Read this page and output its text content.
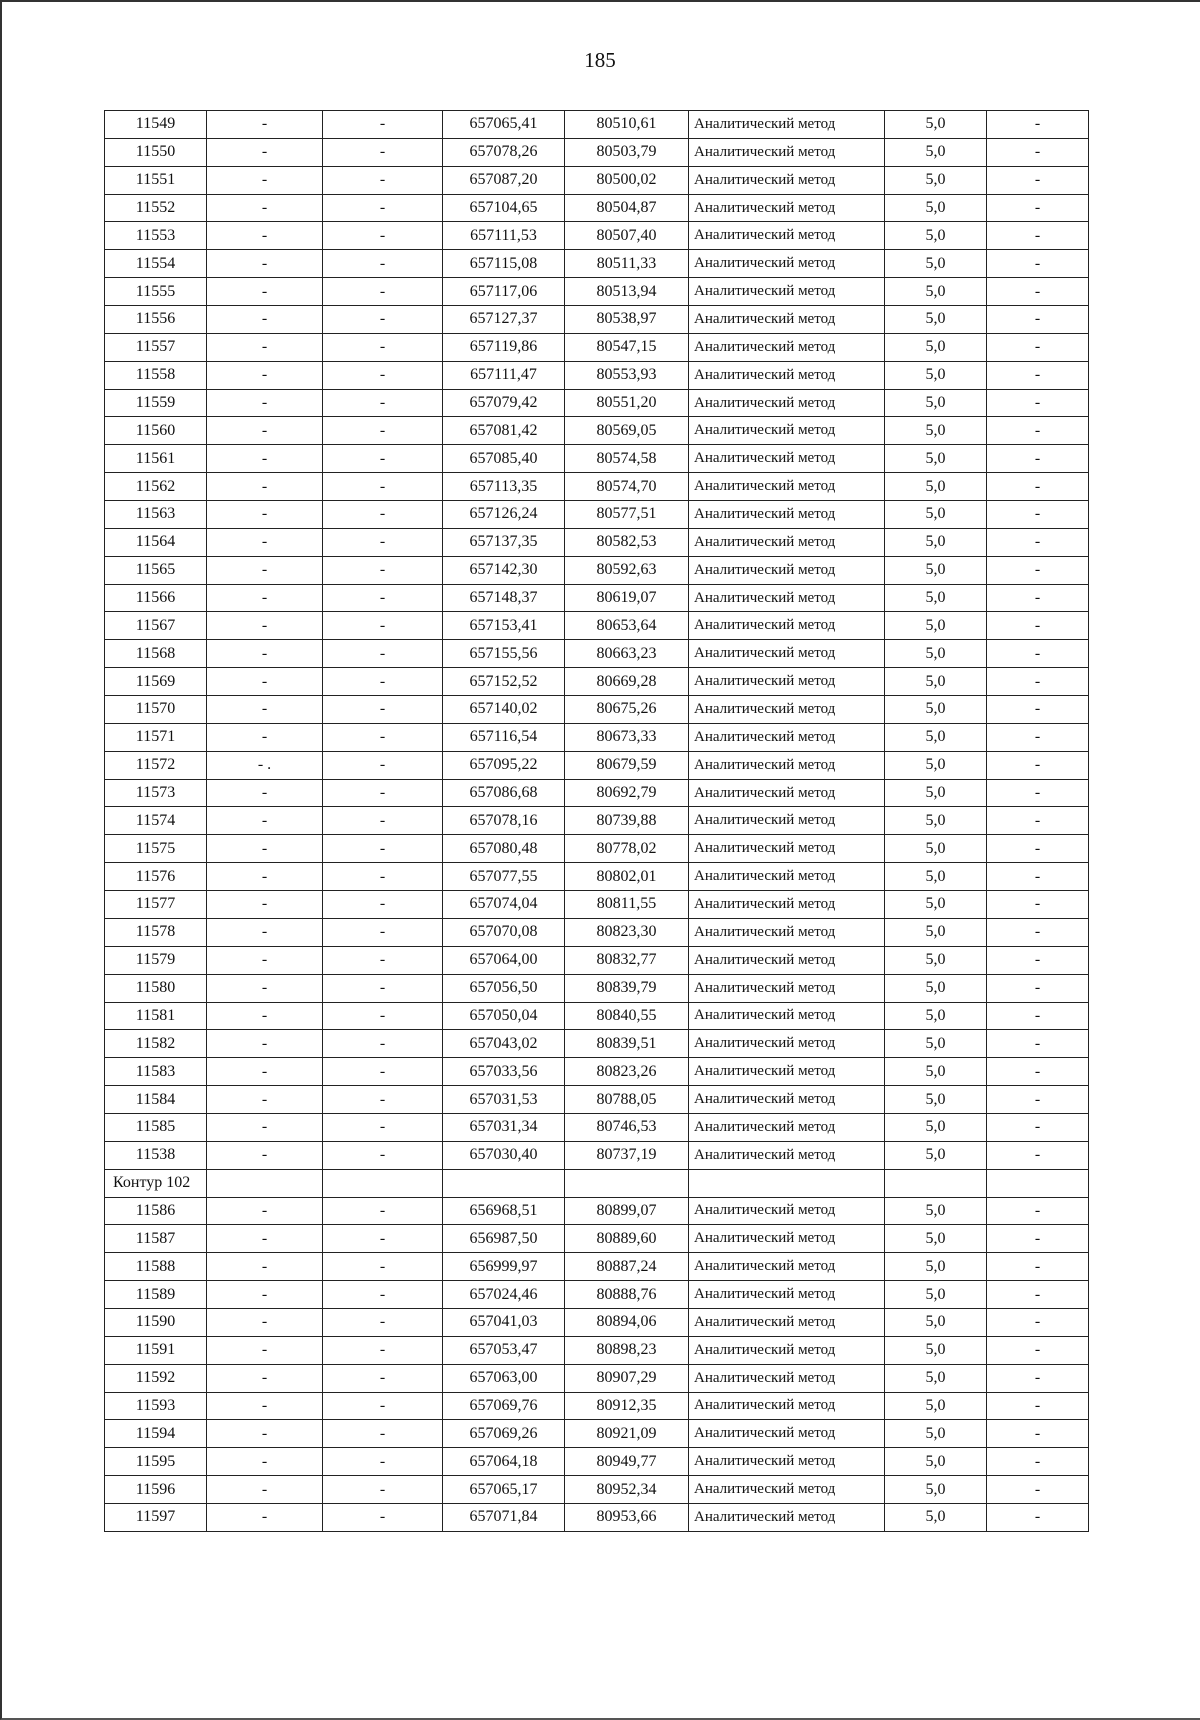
185
11549	-	-	657065,41	80510,61	Аналитический метод	5,0	-
11550	-	-	657078,26	80503,79	Аналитический метод	5,0	-
11551	-	-	657087,20	80500,02	Аналитический метод	5,0	-
11552	-	-	657104,65	80504,87	Аналитический метод	5,0	-
11553	-	-	657111,53	80507,40	Аналитический метод	5,0	-
11554	-	-	657115,08	80511,33	Аналитический метод	5,0	-
11555	-	-	657117,06	80513,94	Аналитический метод	5,0	-
11556	-	-	657127,37	80538,97	Аналитический метод	5,0	-
11557	-	-	657119,86	80547,15	Аналитический метод	5,0	-
11558	-	-	657111,47	80553,93	Аналитический метод	5,0	-
11559	-	-	657079,42	80551,20	Аналитический метод	5,0	-
11560	-	-	657081,42	80569,05	Аналитический метод	5,0	-
11561	-	-	657085,40	80574,58	Аналитический метод	5,0	-
11562	-	-	657113,35	80574,70	Аналитический метод	5,0	-
11563	-	-	657126,24	80577,51	Аналитический метод	5,0	-
11564	-	-	657137,35	80582,53	Аналитический метод	5,0	-
11565	-	-	657142,30	80592,63	Аналитический метод	5,0	-
11566	-	-	657148,37	80619,07	Аналитический метод	5,0	-
11567	-	-	657153,41	80653,64	Аналитический метод	5,0	-
11568	-	-	657155,56	80663,23	Аналитический метод	5,0	-
11569	-	-	657152,52	80669,28	Аналитический метод	5,0	-
11570	-	-	657140,02	80675,26	Аналитический метод	5,0	-
11571	-	-	657116,54	80673,33	Аналитический метод	5,0	-
11572	- .	-	657095,22	80679,59	Аналитический метод	5,0	-
11573	-	-	657086,68	80692,79	Аналитический метод	5,0	-
11574	-	-	657078,16	80739,88	Аналитический метод	5,0	-
11575	-	-	657080,48	80778,02	Аналитический метод	5,0	-
11576	-	-	657077,55	80802,01	Аналитический метод	5,0	-
11577	-	-	657074,04	80811,55	Аналитический метод	5,0	-
11578	-	-	657070,08	80823,30	Аналитический метод	5,0	-
11579	-	-	657064,00	80832,77	Аналитический метод	5,0	-
11580	-	-	657056,50	80839,79	Аналитический метод	5,0	-
11581	-	-	657050,04	80840,55	Аналитический метод	5,0	-
11582	-	-	657043,02	80839,51	Аналитический метод	5,0	-
11583	-	-	657033,56	80823,26	Аналитический метод	5,0	-
11584	-	-	657031,53	80788,05	Аналитический метод	5,0	-
11585	-	-	657031,34	80746,53	Аналитический метод	5,0	-
11538	-	-	657030,40	80737,19	Аналитический метод	5,0	-
Контур 102							
11586	-	-	656968,51	80899,07	Аналитический метод	5,0	-
11587	-	-	656987,50	80889,60	Аналитический метод	5,0	-
11588	-	-	656999,97	80887,24	Аналитический метод	5,0	-
11589	-	-	657024,46	80888,76	Аналитический метод	5,0	-
11590	-	-	657041,03	80894,06	Аналитический метод	5,0	-
11591	-	-	657053,47	80898,23	Аналитический метод	5,0	-
11592	-	-	657063,00	80907,29	Аналитический метод	5,0	-
11593	-	-	657069,76	80912,35	Аналитический метод	5,0	-
11594	-	-	657069,26	80921,09	Аналитический метод	5,0	-
11595	-	-	657064,18	80949,77	Аналитический метод	5,0	-
11596	-	-	657065,17	80952,34	Аналитический метод	5,0	-
11597	-	-	657071,84	80953,66	Аналитический метод	5,0	-
